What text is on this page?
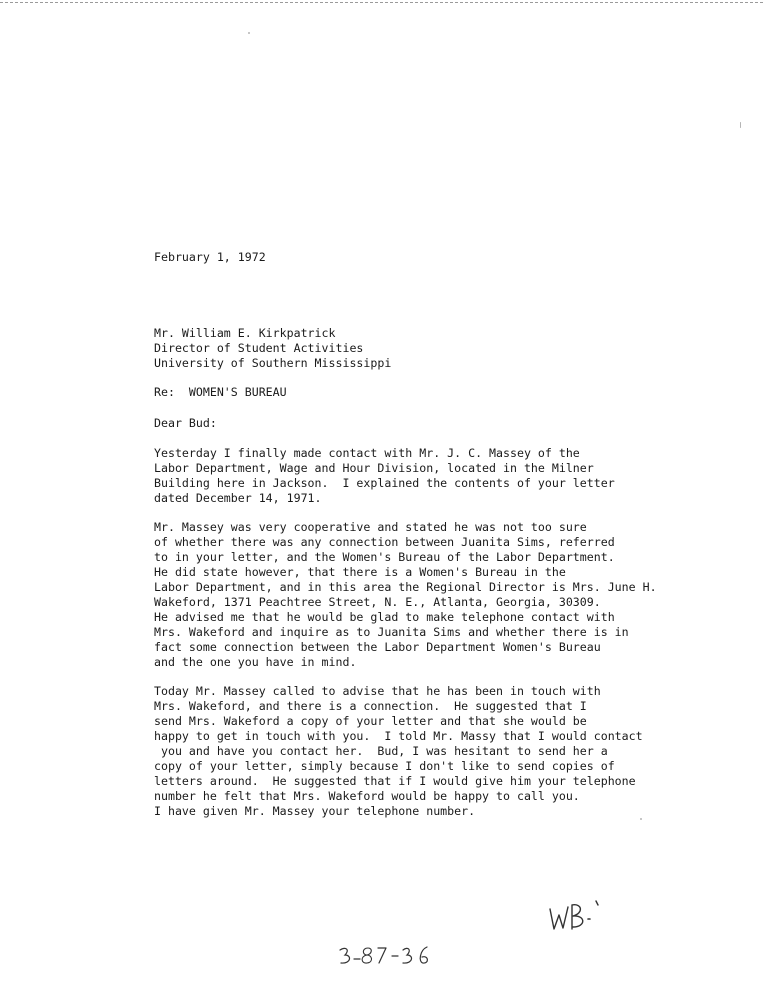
February 1, 1972
Mr. William E. Kirkpatrick
Director of Student Activities
University of Southern Mississippi
Re:  WOMEN'S BUREAU
Dear Bud:
Yesterday I finally made contact with Mr. J. C. Massey of the
Labor Department, Wage and Hour Division, located in the Milner
Building here in Jackson.  I explained the contents of your letter
dated December 14, 1971.
Mr. Massey was very cooperative and stated he was not too sure
of whether there was any connection between Juanita Sims, referred
to in your letter, and the Women's Bureau of the Labor Department.
He did state however, that there is a Women's Bureau in the
Labor Department, and in this area the Regional Director is Mrs. June H.
Wakeford, 1371 Peachtree Street, N. E., Atlanta, Georgia, 30309.
He advised me that he would be glad to make telephone contact with
Mrs. Wakeford and inquire as to Juanita Sims and whether there is in
fact some connection between the Labor Department Women's Bureau
and the one you have in mind.
Today Mr. Massey called to advise that he has been in touch with
Mrs. Wakeford, and there is a connection.  He suggested that I
send Mrs. Wakeford a copy of your letter and that she would be
happy to get in touch with you.  I told Mr. Massy that I would contact
you and have you contact her.  Bud, I was hesitant to send her a
copy of your letter, simply because I don't like to send copies of
letters around.  He suggested that if I would give him your telephone
number he felt that Mrs. Wakeford would be happy to call you.
I have given Mr. Massey your telephone number.
